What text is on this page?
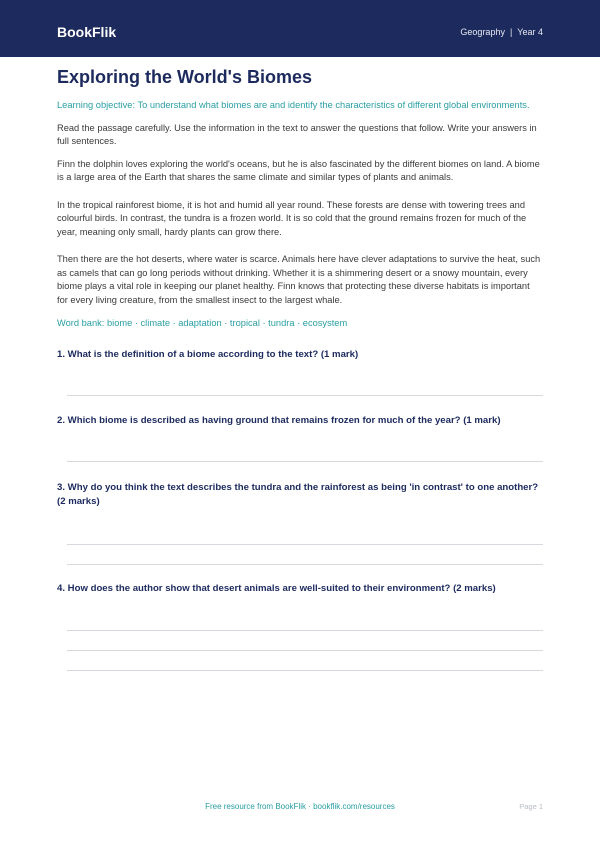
BookFlik	Geography | Year 4
Exploring the World's Biomes

Learning objective: To understand what biomes are and identify the characteristics of different global environments.

Read the passage carefully. Use the information in the text to answer the questions that follow. Write your answers in full sentences.

Finn the dolphin loves exploring the world's oceans, but he is also fascinated by the different biomes on land. A biome is a large area of the Earth that shares the same climate and similar types of plants and animals.

In the tropical rainforest biome, it is hot and humid all year round. These forests are dense with towering trees and colourful birds. In contrast, the tundra is a frozen world. It is so cold that the ground remains frozen for much of the year, meaning only small, hardy plants can grow there.

Then there are the hot deserts, where water is scarce. Animals here have clever adaptations to survive the heat, such as camels that can go long periods without drinking. Whether it is a shimmering desert or a snowy mountain, every biome plays a vital role in keeping our planet healthy. Finn knows that protecting these diverse habitats is important for every living creature, from the smallest insect to the largest whale.

Word bank: biome · climate · adaptation · tropical · tundra · ecosystem

1. What is the definition of a biome according to the text? (1 mark)

2. Which biome is described as having ground that remains frozen for much of the year? (1 mark)

3. Why do you think the text describes the tundra and the rainforest as being 'in contrast' to one another? (2 marks)

4. How does the author show that desert animals are well-suited to their environment? (2 marks)

Free resource from BookFlik · bookflik.com/resources	Page 1
